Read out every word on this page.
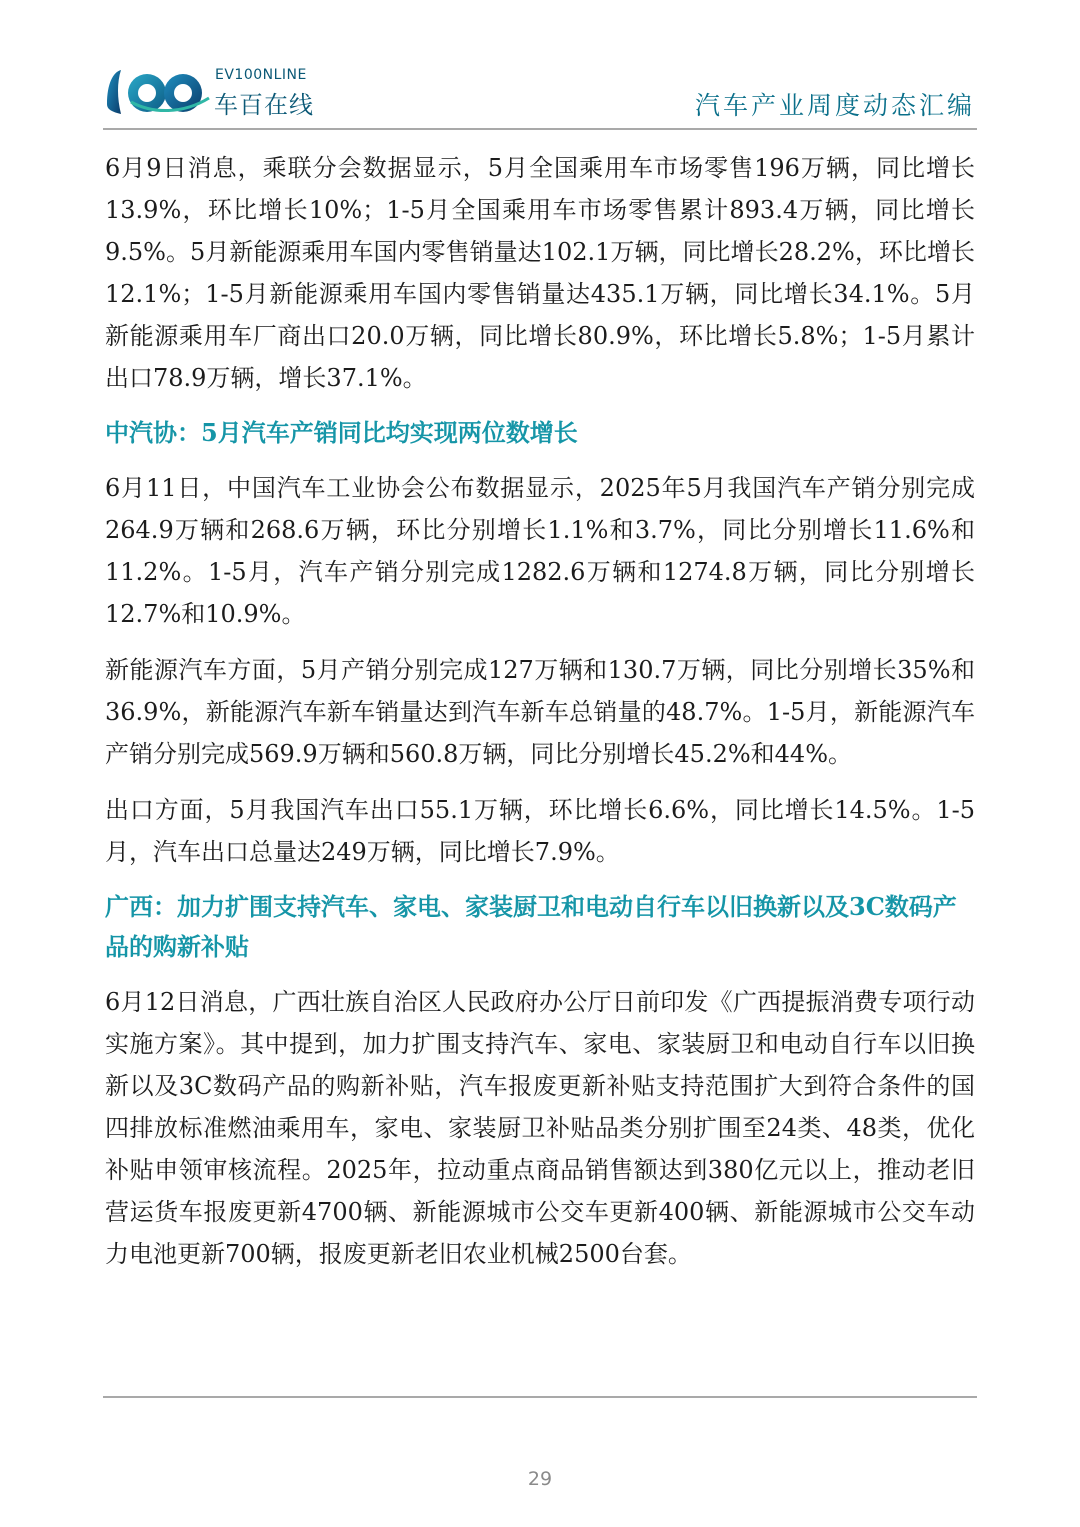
EV100NLINE
车百在线	汽车产业周度动态汇编

6月9日消息，乘联分会数据显示，5月全国乘用车市场零售196万辆，同比增长13.9%，环比增长10%；1-5月全国乘用车市场零售累计893.4万辆，同比增长9.5%。5月新能源乘用车国内零售销量达102.1万辆，同比增长28.2%，环比增长12.1%；1-5月新能源乘用车国内零售销量达435.1万辆，同比增长34.1%。5月新能源乘用车厂商出口20.0万辆，同比增长80.9%，环比增长5.8%；1-5月累计出口78.9万辆，增长37.1%。

中汽协：5月汽车产销同比均实现两位数增长

6月11日，中国汽车工业协会公布数据显示，2025年5月我国汽车产销分别完成264.9万辆和268.6万辆，环比分别增长1.1%和3.7%，同比分别增长11.6%和11.2%。1-5月，汽车产销分别完成1282.6万辆和1274.8万辆，同比分别增长12.7%和10.9%。

新能源汽车方面，5月产销分别完成127万辆和130.7万辆，同比分别增长35%和36.9%，新能源汽车新车销量达到汽车新车总销量的48.7%。1-5月，新能源汽车产销分别完成569.9万辆和560.8万辆，同比分别增长45.2%和44%。

出口方面，5月我国汽车出口55.1万辆，环比增长6.6%，同比增长14.5%。1-5月，汽车出口总量达249万辆，同比增长7.9%。

广西：加力扩围支持汽车、家电、家装厨卫和电动自行车以旧换新以及3C数码产品的购新补贴

6月12日消息，广西壮族自治区人民政府办公厅日前印发《广西提振消费专项行动实施方案》。其中提到，加力扩围支持汽车、家电、家装厨卫和电动自行车以旧换新以及3C数码产品的购新补贴，汽车报废更新补贴支持范围扩大到符合条件的国四排放标准燃油乘用车，家电、家装厨卫补贴品类分别扩围至24类、48类，优化补贴申领审核流程。2025年，拉动重点商品销售额达到380亿元以上，推动老旧营运货车报废更新4700辆、新能源城市公交车更新400辆、新能源城市公交车动力电池更新700辆，报废更新老旧农业机械2500台套。

29
